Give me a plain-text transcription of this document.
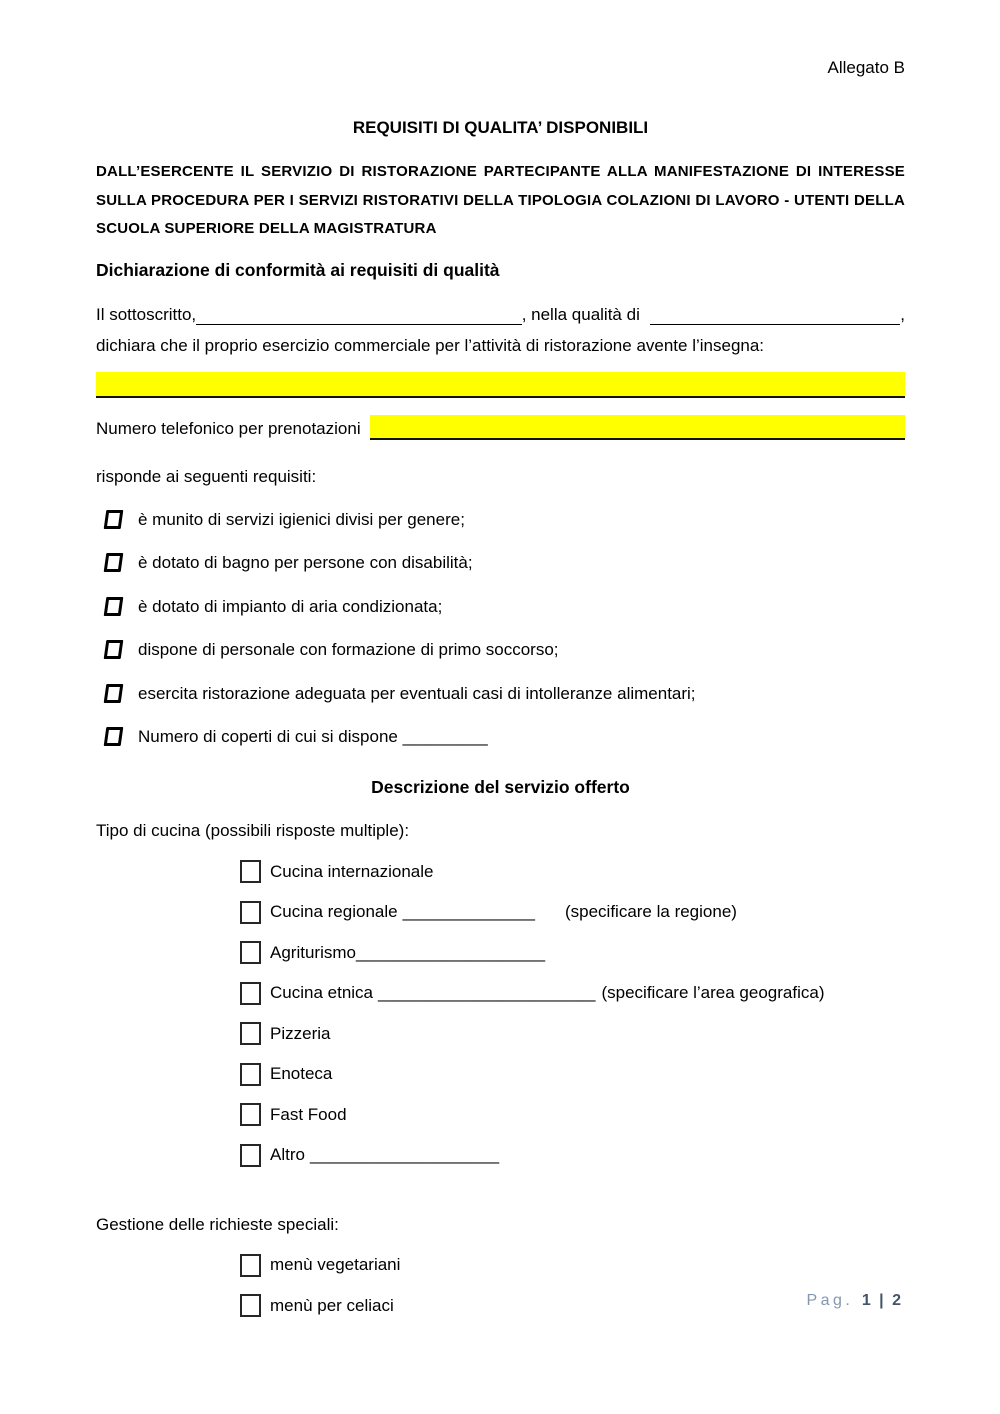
Allegato B
REQUISITI DI QUALITA’ DISPONIBILI

DALL’ESERCENTE IL SERVIZIO DI RISTORAZIONE PARTECIPANTE ALLA MANIFESTAZIONE DI INTERESSE SULLA PROCEDURA PER I SERVIZI RISTORATIVI DELLA TIPOLOGIA COLAZIONI DI LAVORO - UTENTI DELLA SCUOLA SUPERIORE DELLA MAGISTRATURA

Dichiarazione di conformità ai requisiti di qualità
Il sottoscritto,	, nella qualità di	,
dichiara che il proprio esercizio commerciale per l’attività di ristorazione avente l’insegna:
Numero telefonico per prenotazioni
risponde ai seguenti requisiti:
è munito di servizi igienici divisi per genere;
è dotato di bagno per persone con disabilità;
è dotato di impianto di aria condizionata;
dispone di personale con formazione di primo soccorso;
esercita ristorazione adeguata per eventuali casi di intolleranze alimentari;
Numero di coperti di cui si dispone _________
Descrizione del servizio offerto
Tipo di cucina (possibili risposte multiple):
Cucina internazionale
Cucina regionale ______________ (specificare la regione)
Agriturismo ____________________
Cucina etnica _______________________ (specificare l’area geografica)
Pizzeria
Enoteca
Fast Food
Altro ____________________
Gestione delle richieste speciali:
menù vegetariani
menù per celiaci	Pag. 1 | 2
